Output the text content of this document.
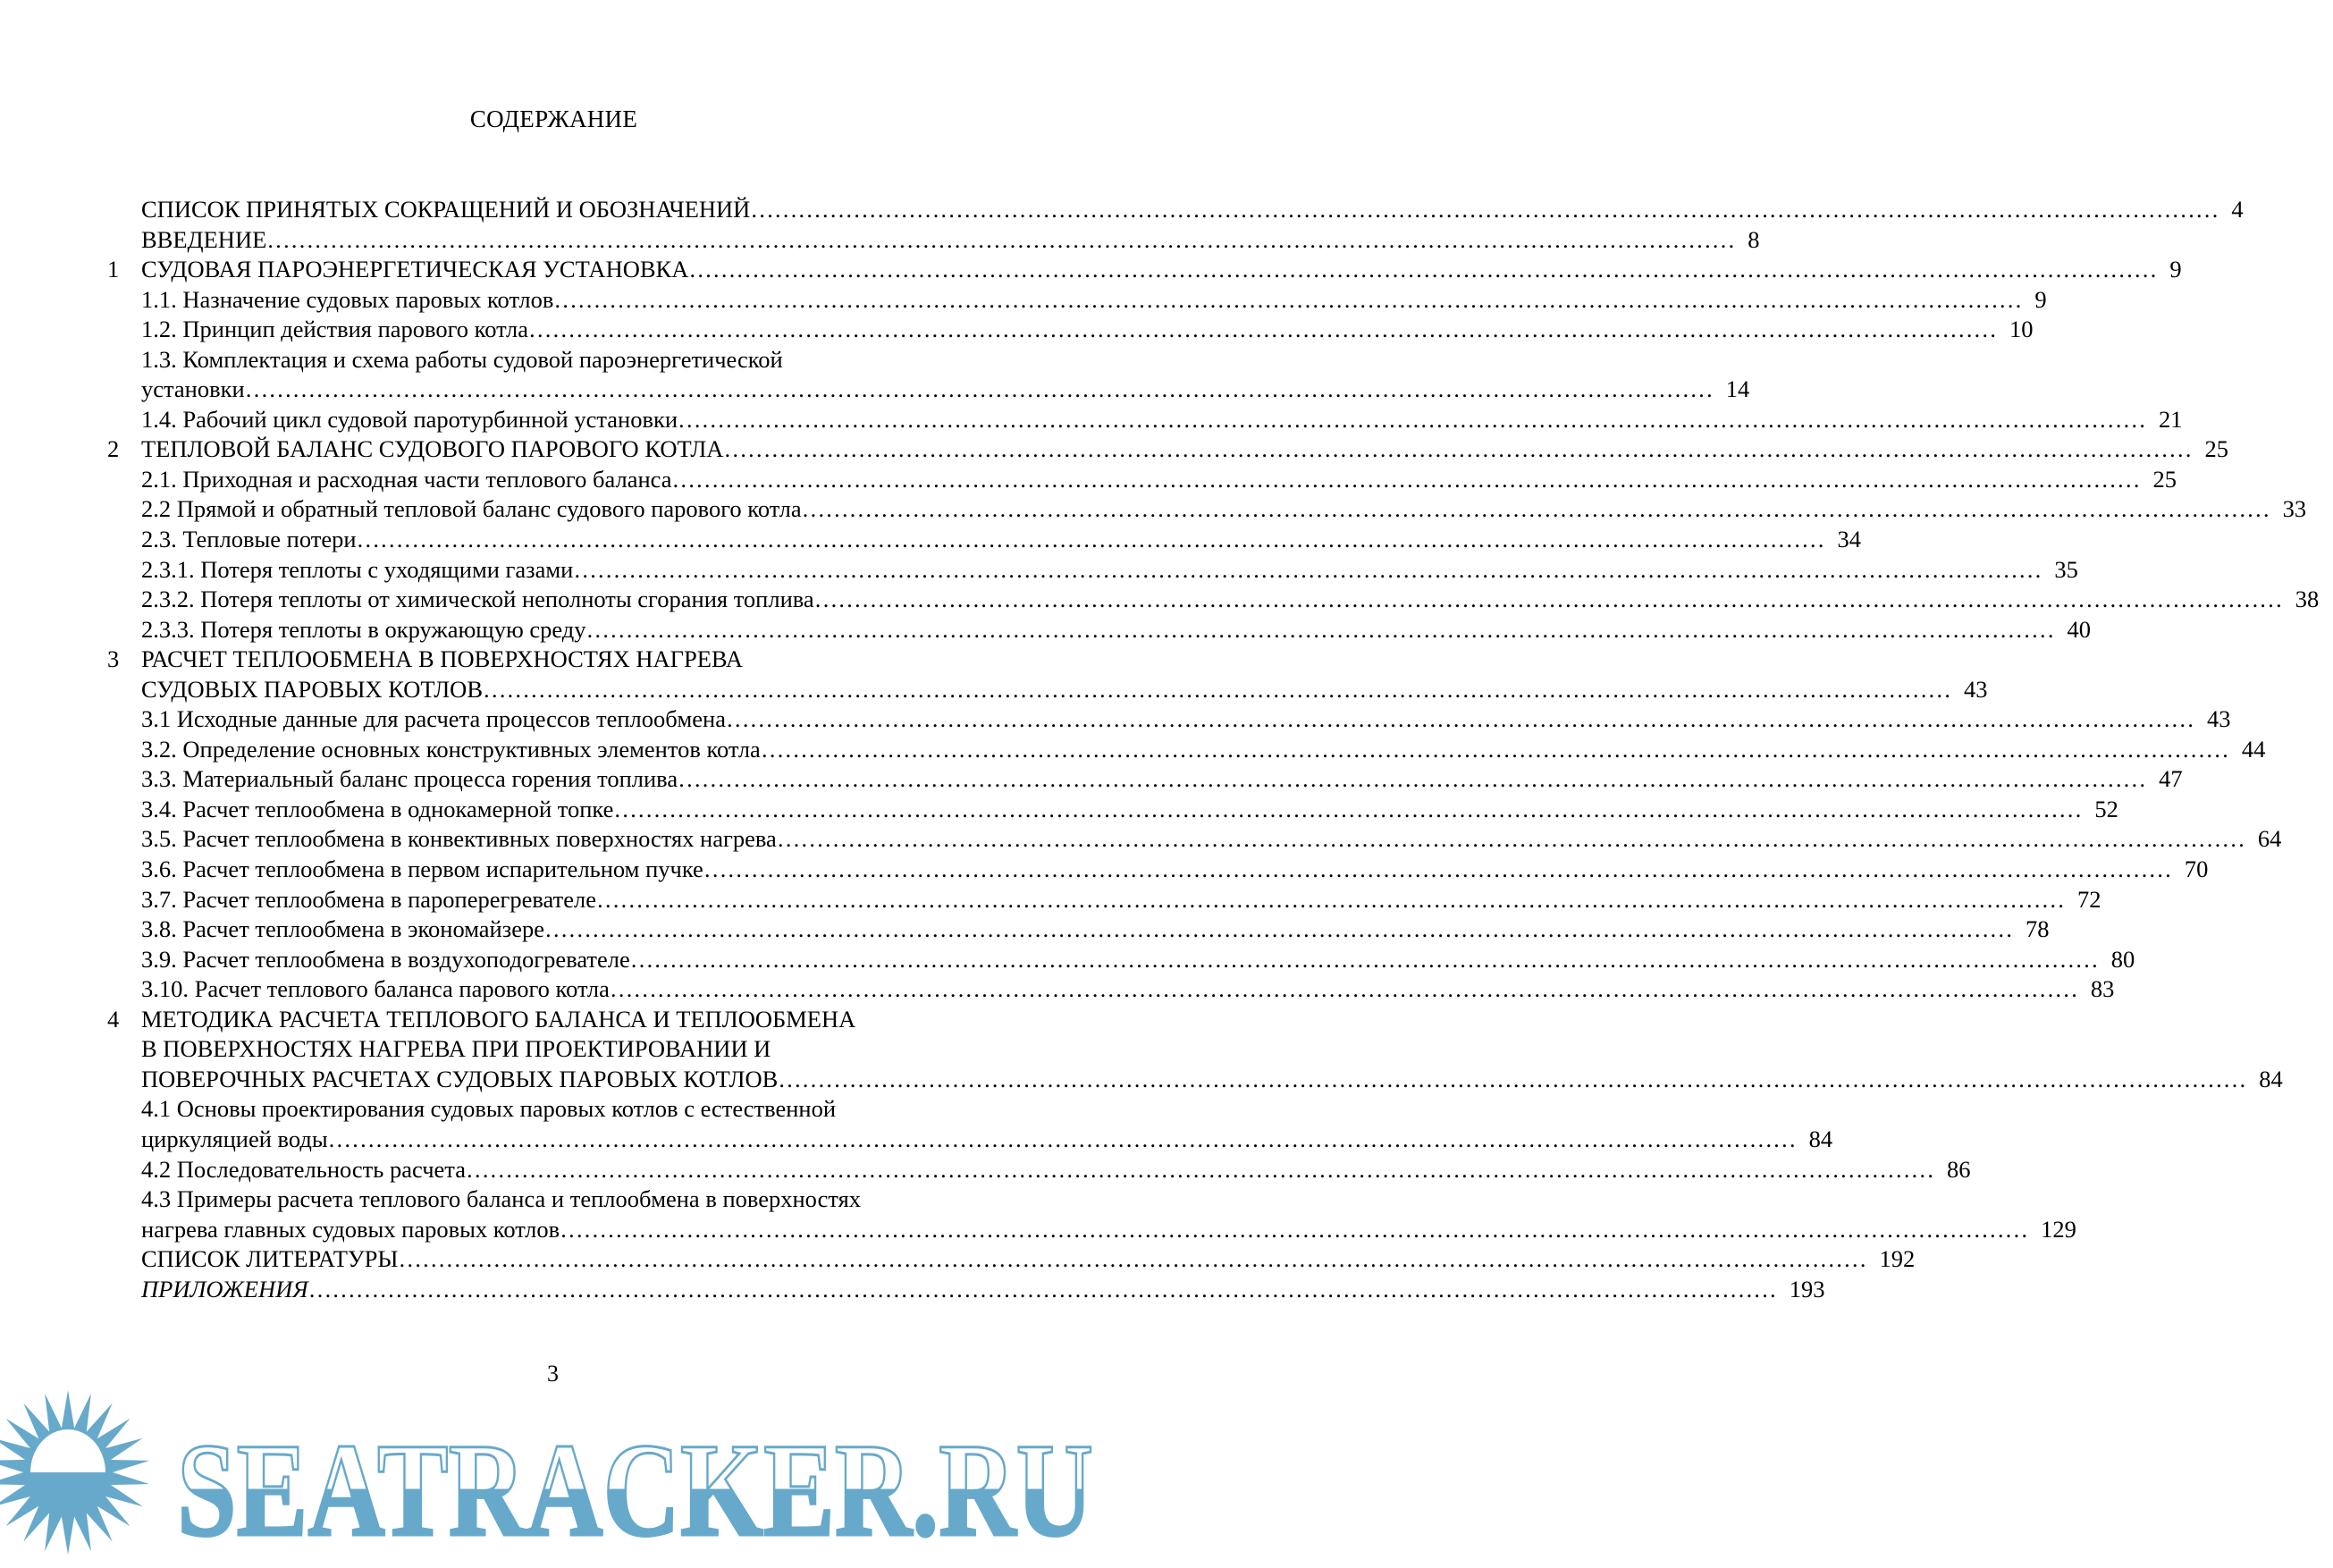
СОДЕРЖАНИЕ
СПИСОК ПРИНЯТЫХ СОКРАЩЕНИЙ И ОБОЗНАЧЕНИЙ ……………………………………………………………………………………………………………………………………………………………………	4
ВВЕДЕНИЕ ……………………………………………………………………………………………………………………………………………………………………	8
1 СУДОВАЯ ПАРОЭНЕРГЕТИЧЕСКАЯ УСТАНОВКА ……………………………………………………………………………………………………………………………………………………………………	9
1.1. Назначение судовых паровых котлов ……………………………………………………………………………………………………………………………………………………………………	9
1.2. Принцип действия парового котла ……………………………………………………………………………………………………………………………………………………………………	10
1.3. Комплектация и схема работы судовой пароэнергетической
установки ……………………………………………………………………………………………………………………………………………………………………	14
1.4. Рабочий цикл судовой паротурбинной установки ……………………………………………………………………………………………………………………………………………………………………	21
2 ТЕПЛОВОЙ БАЛАНС СУДОВОГО ПАРОВОГО КОТЛА ……………………………………………………………………………………………………………………………………………………………………	25
2.1. Приходная и расходная части теплового баланса ……………………………………………………………………………………………………………………………………………………………………	25
2.2 Прямой и обратный тепловой баланс судового парового котла ……………………………………………………………………………………………………………………………………………………………………	33
2.3. Тепловые потери ……………………………………………………………………………………………………………………………………………………………………	34
2.3.1. Потеря теплоты с уходящими газами ……………………………………………………………………………………………………………………………………………………………………	35
2.3.2. Потеря теплоты от химической неполноты сгорания топлива ……………………………………………………………………………………………………………………………………………………………………	38
2.3.3. Потеря теплоты в окружающую среду ……………………………………………………………………………………………………………………………………………………………………	40
3 РАСЧЕТ ТЕПЛООБМЕНА В ПОВЕРХНОСТЯХ НАГРЕВА
СУДОВЫХ ПАРОВЫХ КОТЛОВ ……………………………………………………………………………………………………………………………………………………………………	43
3.1 Исходные данные для расчета процессов теплообмена ……………………………………………………………………………………………………………………………………………………………………	43
3.2. Определение основных конструктивных элементов котла ……………………………………………………………………………………………………………………………………………………………………	44
3.3. Материальный баланс процесса горения топлива ……………………………………………………………………………………………………………………………………………………………………	47
3.4. Расчет теплообмена в однокамерной топке ……………………………………………………………………………………………………………………………………………………………………	52
3.5. Расчет теплообмена в конвективных поверхностях нагрева ……………………………………………………………………………………………………………………………………………………………………	64
3.6. Расчет теплообмена в первом испарительном пучке ……………………………………………………………………………………………………………………………………………………………………	70
3.7. Расчет теплообмена в пароперегревателе ……………………………………………………………………………………………………………………………………………………………………	72
3.8. Расчет теплообмена в экономайзере ……………………………………………………………………………………………………………………………………………………………………	78
3.9. Расчет теплообмена в воздухоподогревателе ……………………………………………………………………………………………………………………………………………………………………	80
3.10. Расчет теплового баланса парового котла ……………………………………………………………………………………………………………………………………………………………………	83
4 МЕТОДИКА РАСЧЕТА ТЕПЛОВОГО БАЛАНСА И ТЕПЛООБМЕНА
В ПОВЕРХНОСТЯХ НАГРЕВА ПРИ ПРОЕКТИРОВАНИИ И
ПОВЕРОЧНЫХ РАСЧЕТАХ СУДОВЫХ ПАРОВЫХ КОТЛОВ ……………………………………………………………………………………………………………………………………………………………………	84
4.1 Основы проектирования судовых паровых котлов с естественной
циркуляцией воды ……………………………………………………………………………………………………………………………………………………………………	84
4.2 Последовательность расчета ……………………………………………………………………………………………………………………………………………………………………	86
4.3 Примеры расчета теплового баланса и теплообмена в поверхностях
нагрева главных судовых паровых котлов ……………………………………………………………………………………………………………………………………………………………………	129
СПИСОК ЛИТЕРАТУРЫ ……………………………………………………………………………………………………………………………………………………………………	192
ПРИЛОЖЕНИЯ ……………………………………………………………………………………………………………………………………………………………………	193
3
SEATRACKER.RU
